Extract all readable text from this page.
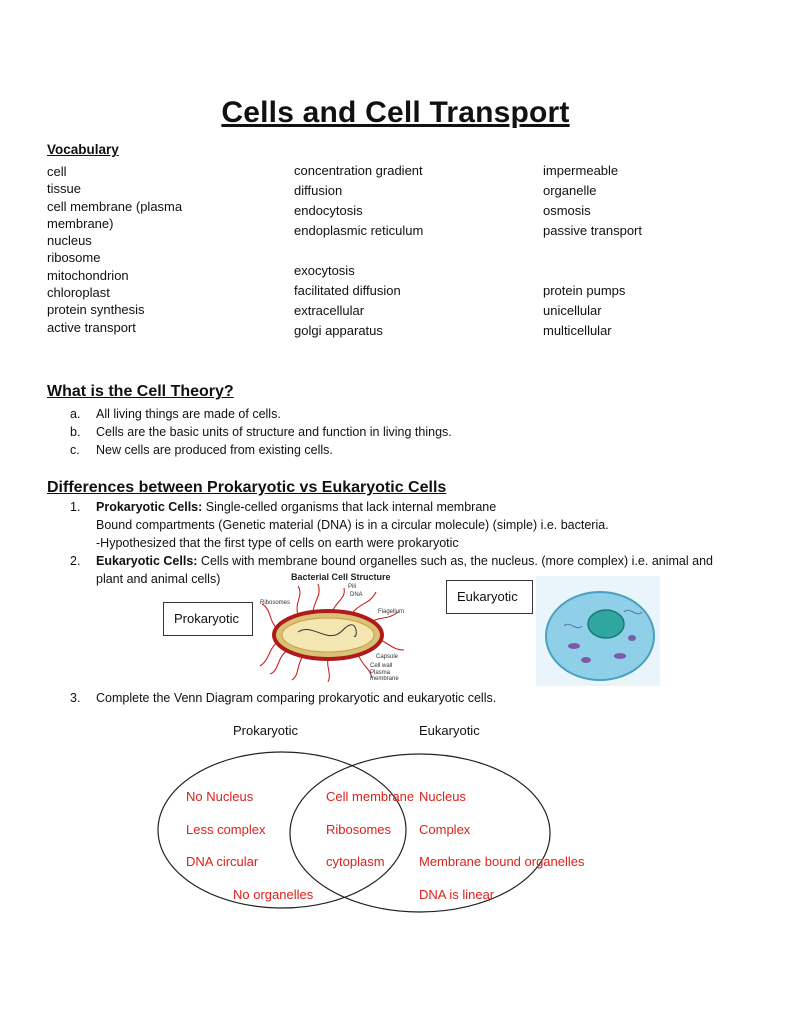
Cells and Cell Transport
Vocabulary
cell
tissue
cell membrane (plasma
membrane)
nucleus
ribosome
mitochondrion
chloroplast
protein synthesis
active transport
concentration gradient
diffusion
endocytosis
endoplasmic reticulum
exocytosis
facilitated diffusion
extracellular
golgi apparatus
impermeable
organelle
osmosis
passive transport
protein pumps
unicellular
multicellular
What is the Cell Theory?
a. All living things are made of cells.
b. Cells are the basic units of structure and function in living things.
c. New cells are produced from existing cells.
Differences between Prokaryotic vs Eukaryotic Cells
1. Prokaryotic Cells: Single-celled organisms that lack internal membrane
Bound compartments (Genetic material (DNA) is in a circular molecule) (simple) i.e. bacteria.
-Hypothesized that the first type of cells on earth were prokaryotic
2. Eukaryotic Cells: Cells with membrane bound organelles such as, the nucleus. (more complex) i.e. animal and
plant and animal cells)
Prokaryotic
Eukaryotic
Bacterial Cell Structure
Pili
DNA
Ribosomes
Flagellum
Capsule
Cell wall
Plasma
membrane
3. Complete the Venn Diagram comparing prokaryotic and eukaryotic cells.
Prokaryotic	Eukaryotic
No Nucleus
Less complex
DNA circular
No organelles
Cell membrane
Ribosomes
cytoplasm
Nucleus
Complex
Membrane bound organelles
DNA is linear
